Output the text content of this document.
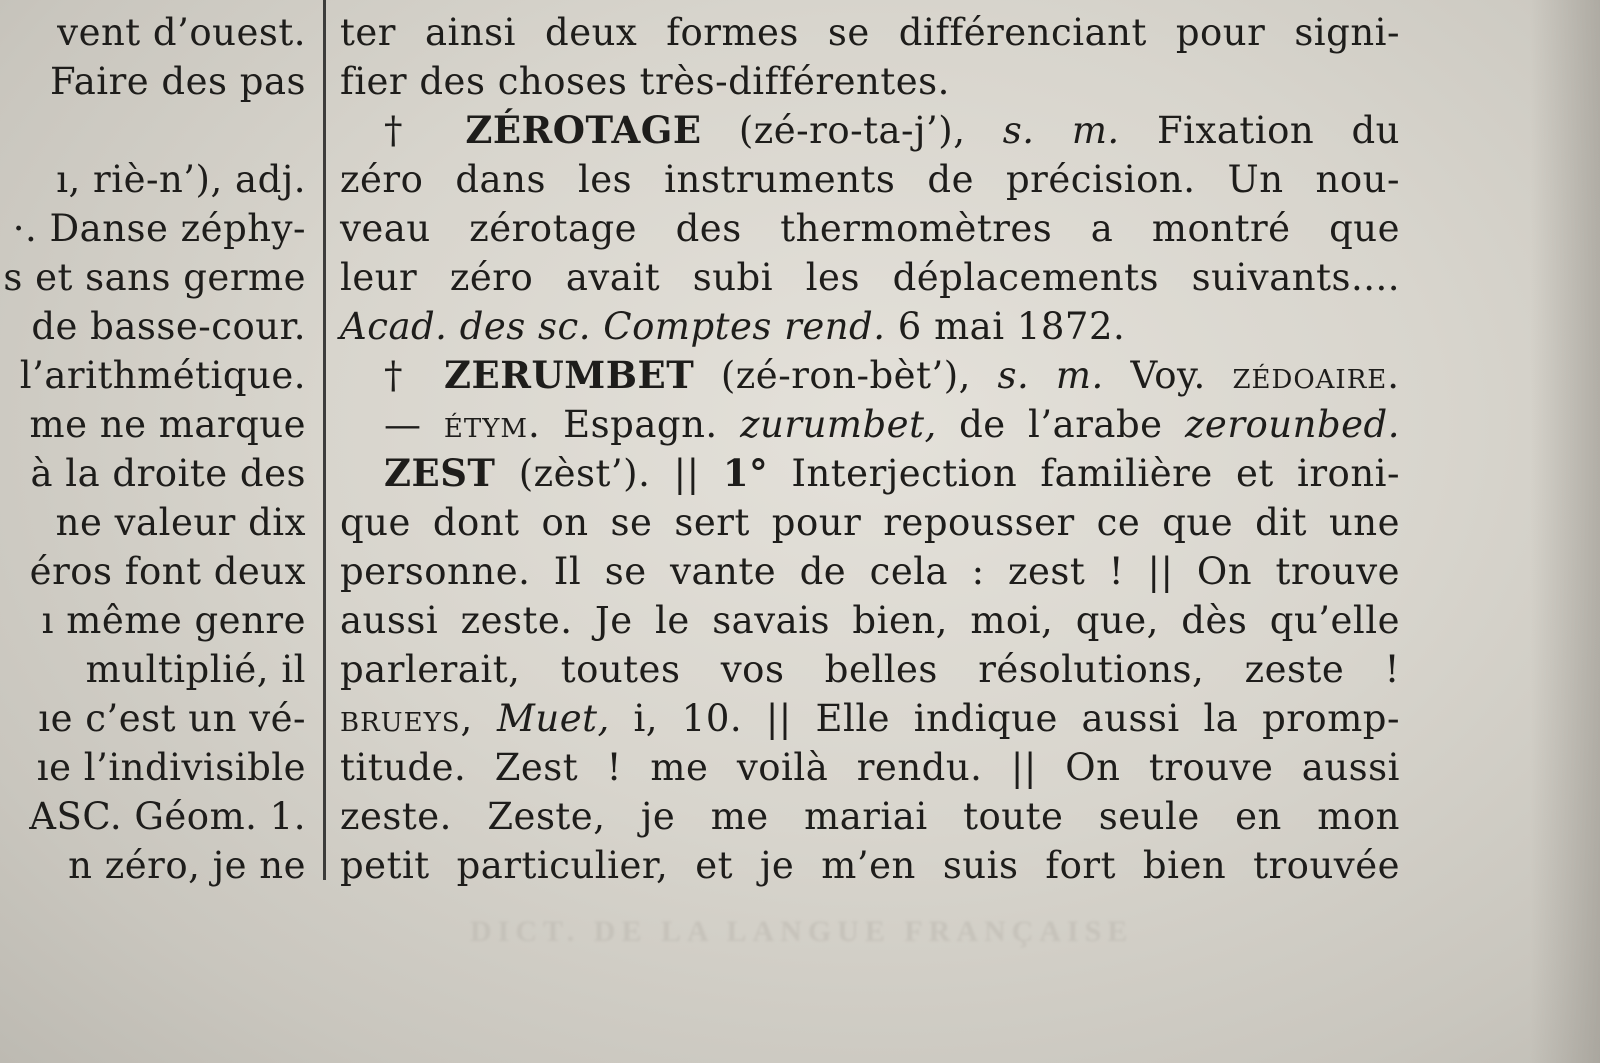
vent d’ouest.
Faire des pas
ı, riè-n’), adj.
·. Danse zéphy-
s et sans germe
de basse-cour.
l’arithmétique.
me ne marque
à la droite des
ne valeur dix
éros font deux
ı même genre
multiplié, il
ıe c’est un vé-
ıe l’indivisible
ASC. Géom. 1.
n zéro, je ne
ter ainsi deux formes se différenciant pour signi-
fier des choses très-différentes.
† ZÉROTAGE (zé-ro-ta-j’), s. m. Fixation du
zéro dans les instruments de précision. Un nou-
veau zérotage des thermomètres a montré que
leur zéro avait subi les déplacements suivants....
Acad. des sc. Comptes rend. 6 mai 1872.
† ZERUMBET (zé-ron-bèt’), s. m. Voy. zédoaire.
— étym. Espagn. zurumbet, de l’arabe zerounbed.
ZEST (zèst’). || 1° Interjection familière et ironi-
que dont on se sert pour repousser ce que dit une
personne. Il se vante de cela : zest ! || On trouve
aussi zeste. Je le savais bien, moi, que, dès qu’elle
parlerait, toutes vos belles résolutions, zeste !
brueys, Muet, i, 10. || Elle indique aussi la promp-
titude. Zest ! me voilà rendu. || On trouve aussi
zeste. Zeste, je me mariai toute seule en mon
petit particulier, et je m’en suis fort bien trouvée
DICT. DE LA LANGUE FRANÇAISE
